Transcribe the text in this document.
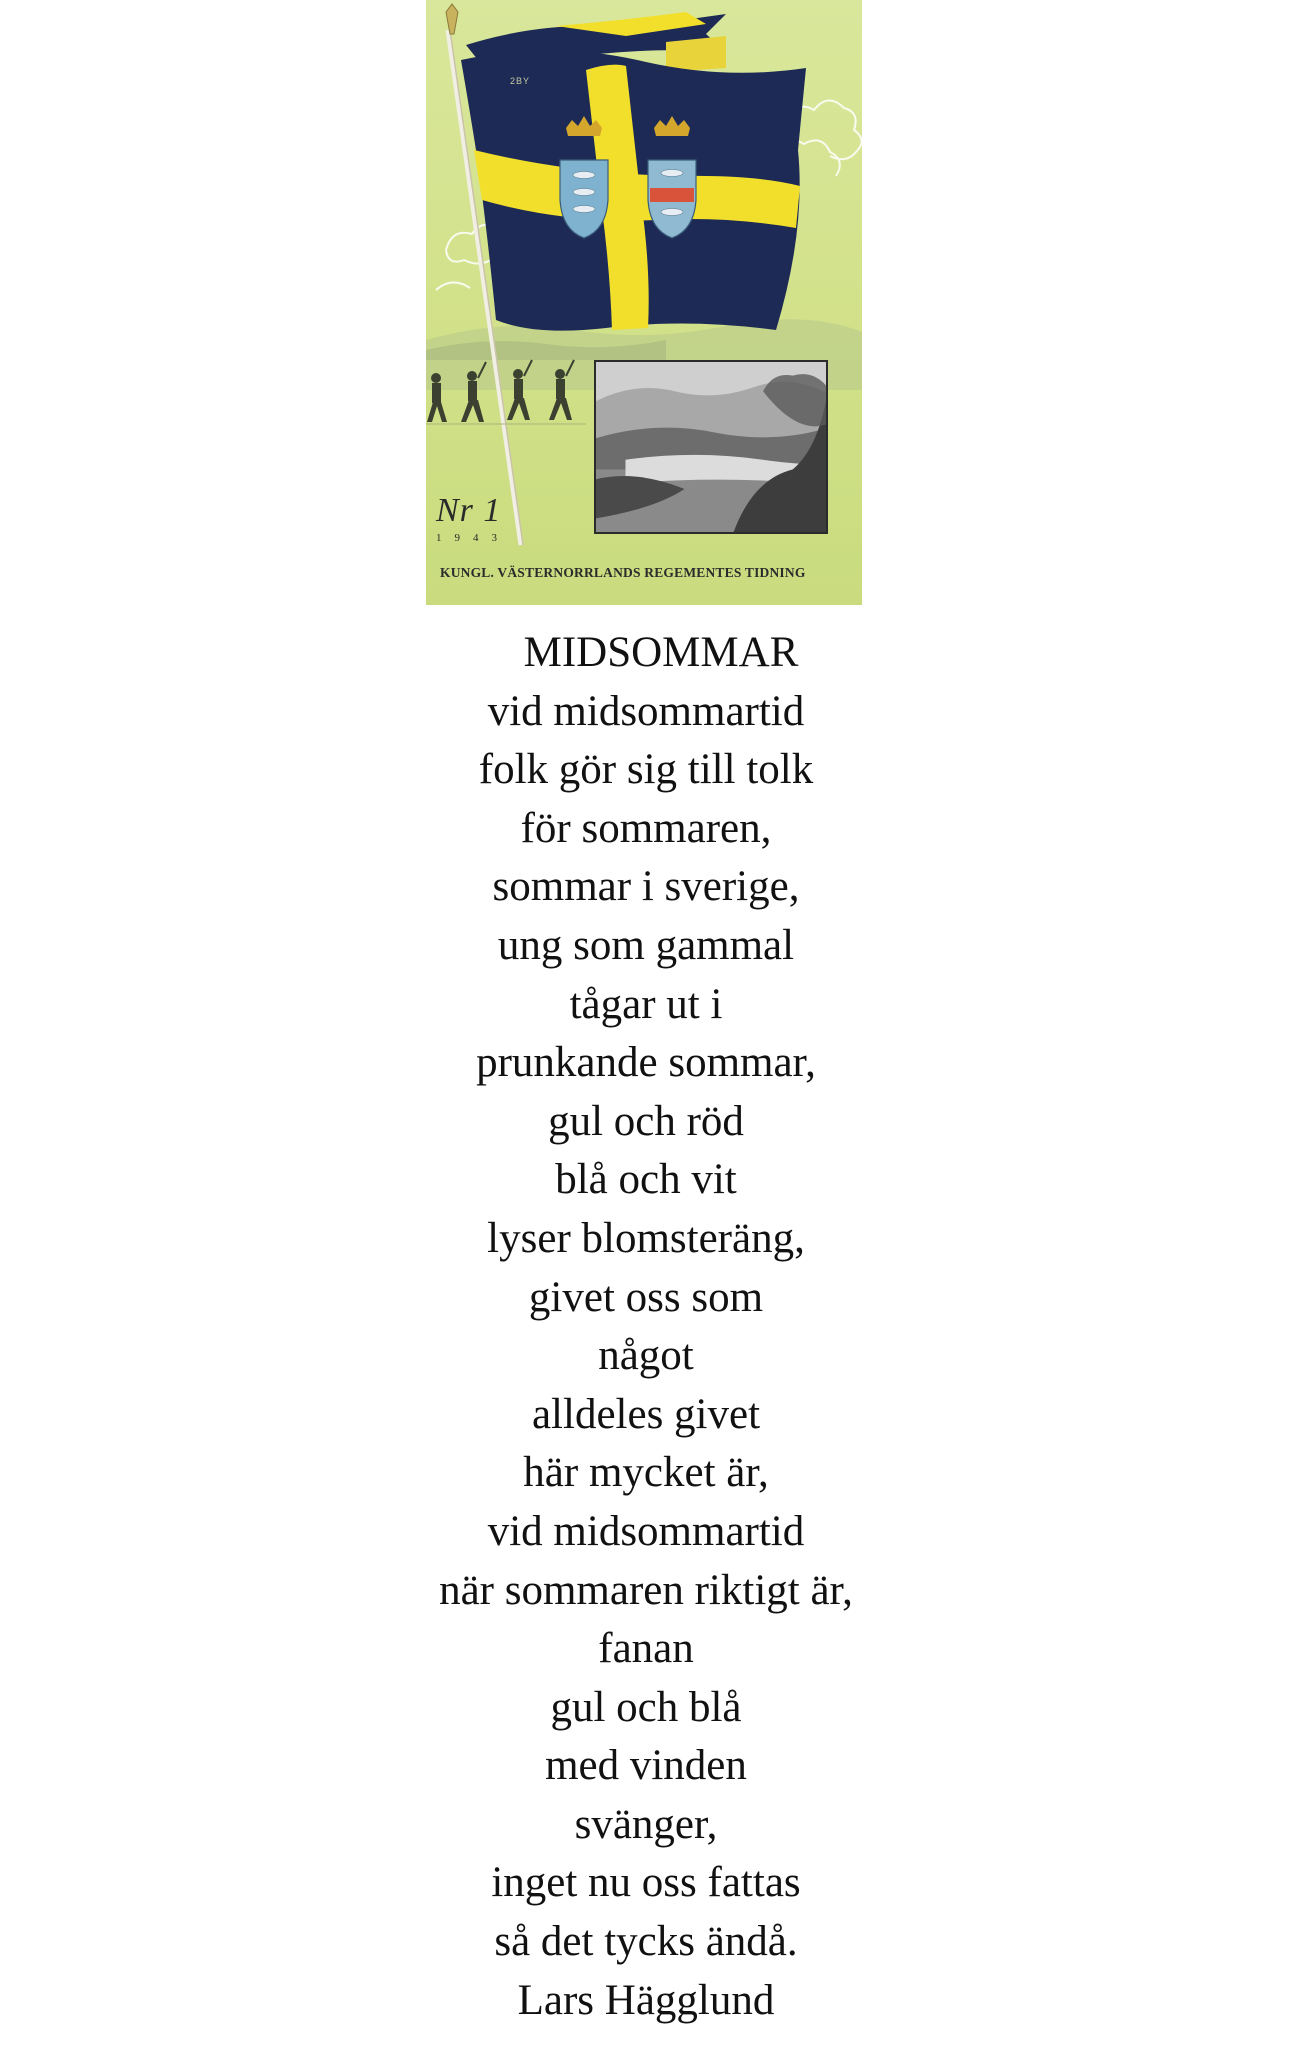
2BY
Nr 1
1943
KUNGL. VÄSTERNORRLANDS REGEMENTES TIDNING
MIDSOMMAR
vid midsommartid
folk gör sig till tolk
för sommaren,
sommar i sverige,
ung som gammal
tågar ut i
prunkande sommar,
gul och röd
blå och vit
lyser blomsteräng,
givet oss som
något
alldeles givet
här mycket är,
vid midsommartid
när sommaren riktigt är,
fanan
gul och blå
med vinden
svänger,
inget nu oss fattas
så det tycks ändå.
Lars Hägglund
